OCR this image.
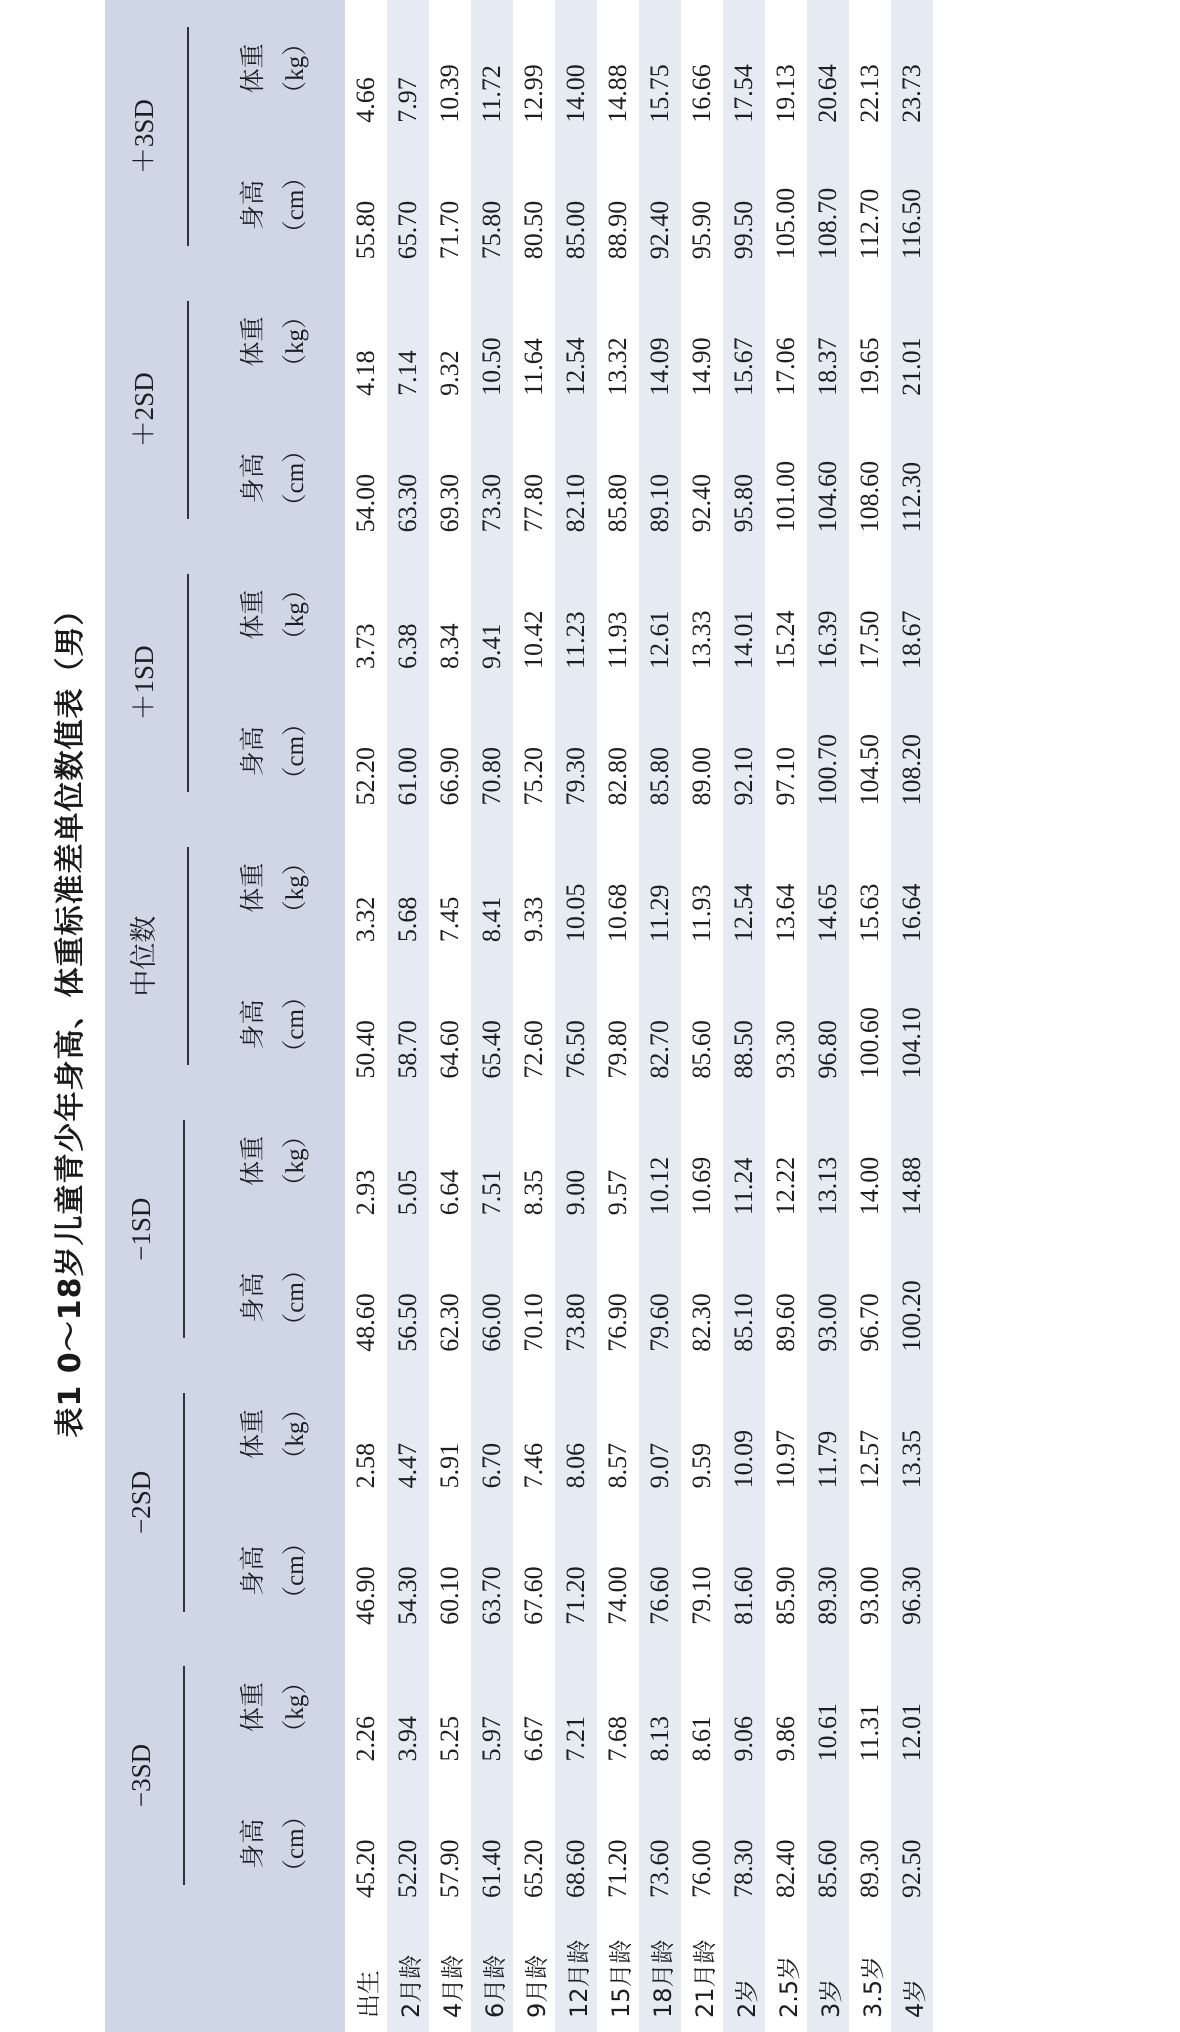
表1 0～18岁儿童青少年身高、体重标准差单位数值表（男）
	−3SD		−2SD		−1SD		中位数		＋1SD		＋2SD		＋3SD	

	身高 （cm）	体重 （kg）	身高 （cm）	体重 （kg）	身高 （cm）	体重 （kg）	身高 （cm）	体重 （kg）	身高 （cm）	体重 （kg）	身高 （cm）	体重 （kg）	身高 （cm）	体重 （kg）

出生	45.20	2.26	46.90	2.58	48.60	2.93	50.40	3.32	52.20	3.73	54.00	4.18	55.80	4.66
2月龄	52.20	3.94	54.30	4.47	56.50	5.05	58.70	5.68	61.00	6.38	63.30	7.14	65.70	7.97
4月龄	57.90	5.25	60.10	5.91	62.30	6.64	64.60	7.45	66.90	8.34	69.30	9.32	71.70	10.39
6月龄	61.40	5.97	63.70	6.70	66.00	7.51	65.40	8.41	70.80	9.41	73.30	10.50	75.80	11.72
9月龄	65.20	6.67	67.60	7.46	70.10	8.35	72.60	9.33	75.20	10.42	77.80	11.64	80.50	12.99
12月龄	68.60	7.21	71.20	8.06	73.80	9.00	76.50	10.05	79.30	11.23	82.10	12.54	85.00	14.00
15月龄	71.20	7.68	74.00	8.57	76.90	9.57	79.80	10.68	82.80	11.93	85.80	13.32	88.90	14.88
18月龄	73.60	8.13	76.60	9.07	79.60	10.12	82.70	11.29	85.80	12.61	89.10	14.09	92.40	15.75
21月龄	76.00	8.61	79.10	9.59	82.30	10.69	85.60	11.93	89.00	13.33	92.40	14.90	95.90	16.66
2岁	78.30	9.06	81.60	10.09	85.10	11.24	88.50	12.54	92.10	14.01	95.80	15.67	99.50	17.54
2.5岁	82.40	9.86	85.90	10.97	89.60	12.22	93.30	13.64	97.10	15.24	101.00	17.06	105.00	19.13
3岁	85.60	10.61	89.30	11.79	93.00	13.13	96.80	14.65	100.70	16.39	104.60	18.37	108.70	20.64
3.5岁	89.30	11.31	93.00	12.57	96.70	14.00	100.60	15.63	104.50	17.50	108.60	19.65	112.70	22.13
4岁	92.50	12.01	96.30	13.35	100.20	14.88	104.10	16.64	108.20	18.67	112.30	21.01	116.50	23.73
